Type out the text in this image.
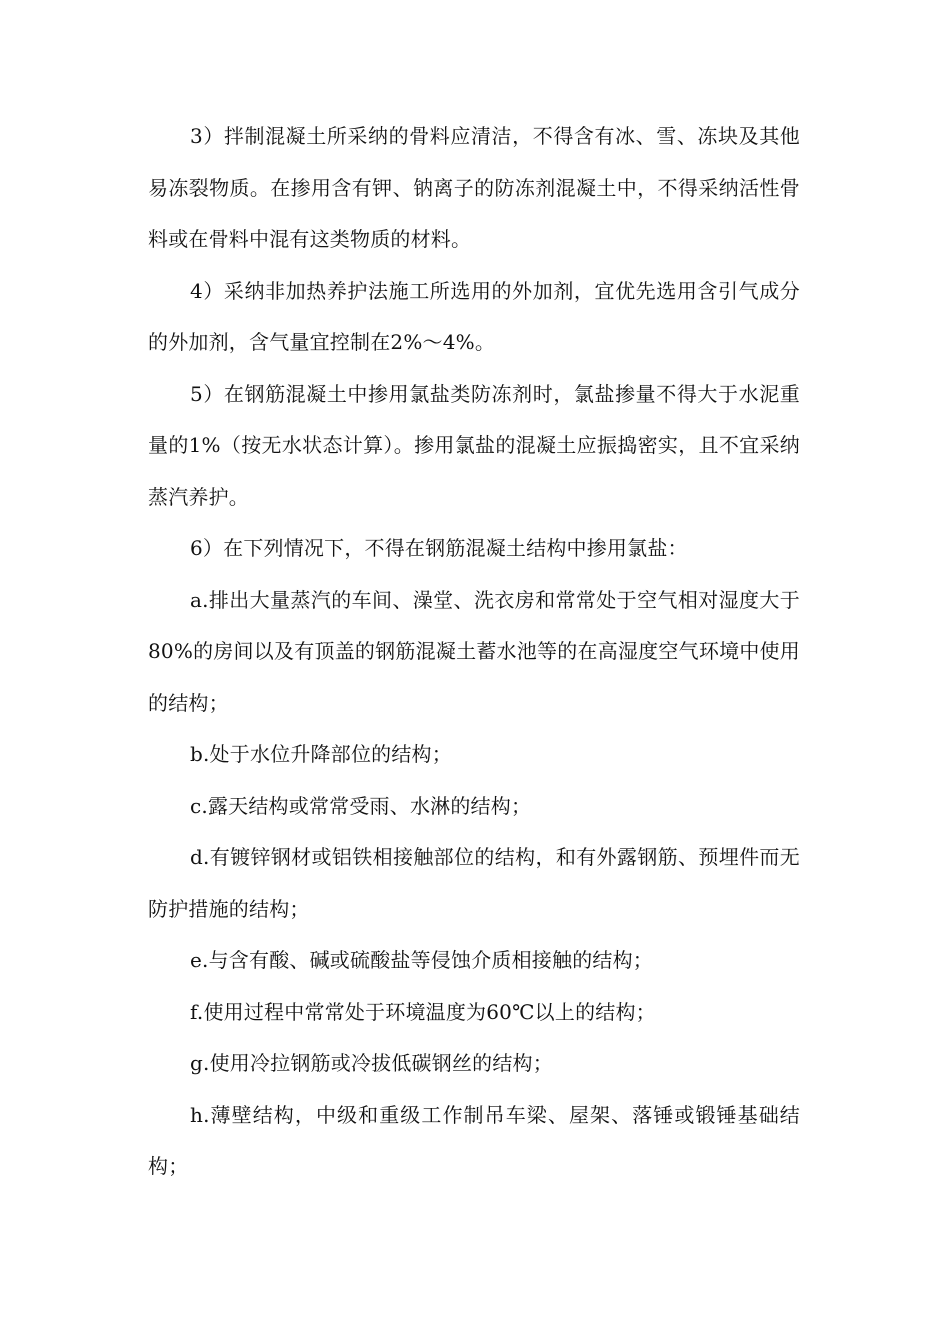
3）拌制混凝土所采纳的骨料应清洁，不得含有冰、雪、冻块及其他易冻裂物质。在掺用含有钾、钠离子的防冻剂混凝土中，不得采纳活性骨料或在骨料中混有这类物质的材料。

4）采纳非加热养护法施工所选用的外加剂，宜优先选用含引气成分的外加剂，含气量宜控制在2%～4%。

5）在钢筋混凝土中掺用氯盐类防冻剂时，氯盐掺量不得大于水泥重量的1%（按无水状态计算）。掺用氯盐的混凝土应振捣密实，且不宜采纳蒸汽养护。

6）在下列情况下，不得在钢筋混凝土结构中掺用氯盐：

a.排出大量蒸汽的车间、澡堂、洗衣房和常常处于空气相对湿度大于80%的房间以及有顶盖的钢筋混凝土蓄水池等的在高湿度空气环境中使用的结构；

b.处于水位升降部位的结构；

c.露天结构或常常受雨、水淋的结构；

d.有镀锌钢材或铝铁相接触部位的结构，和有外露钢筋、预埋件而无防护措施的结构；

e.与含有酸、碱或硫酸盐等侵蚀介质相接触的结构；

f.使用过程中常常处于环境温度为60℃以上的结构；

g.使用冷拉钢筋或冷拔低碳钢丝的结构；

h.薄壁结构，中级和重级工作制吊车梁、屋架、落锤或锻锤基础结构；
